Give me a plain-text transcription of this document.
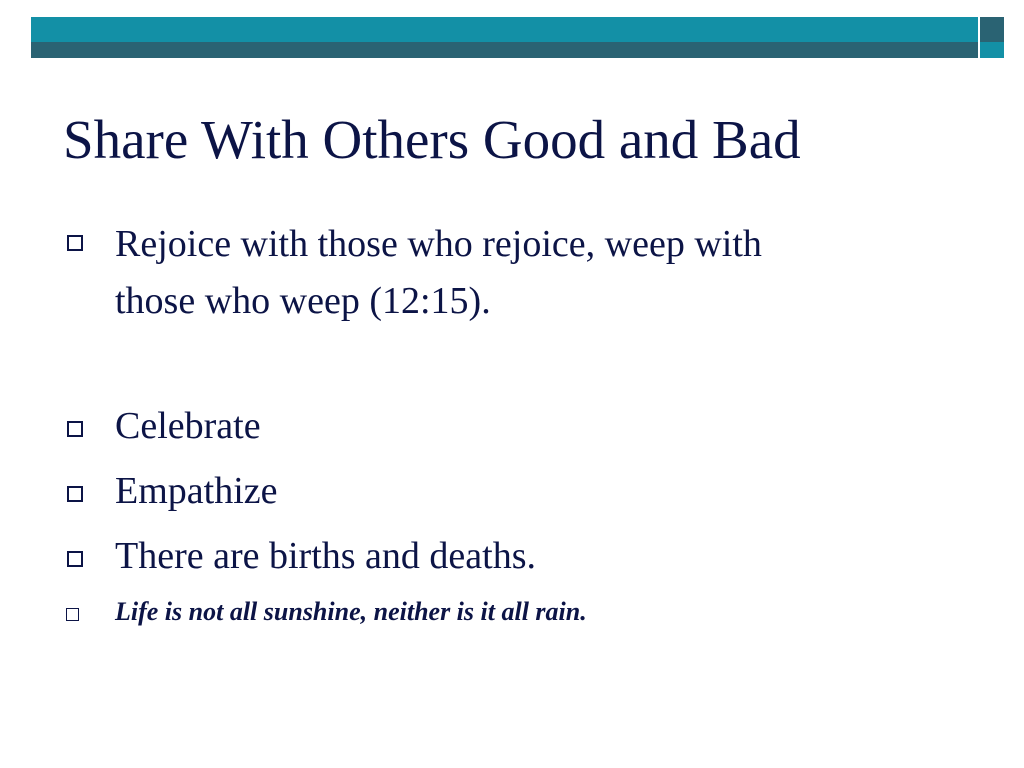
Share With Others Good and Bad
Rejoice with those who rejoice, weep with
those who weep (12:15).
Celebrate
Empathize
There are births and deaths.
Life is not all sunshine, neither is it all rain.
